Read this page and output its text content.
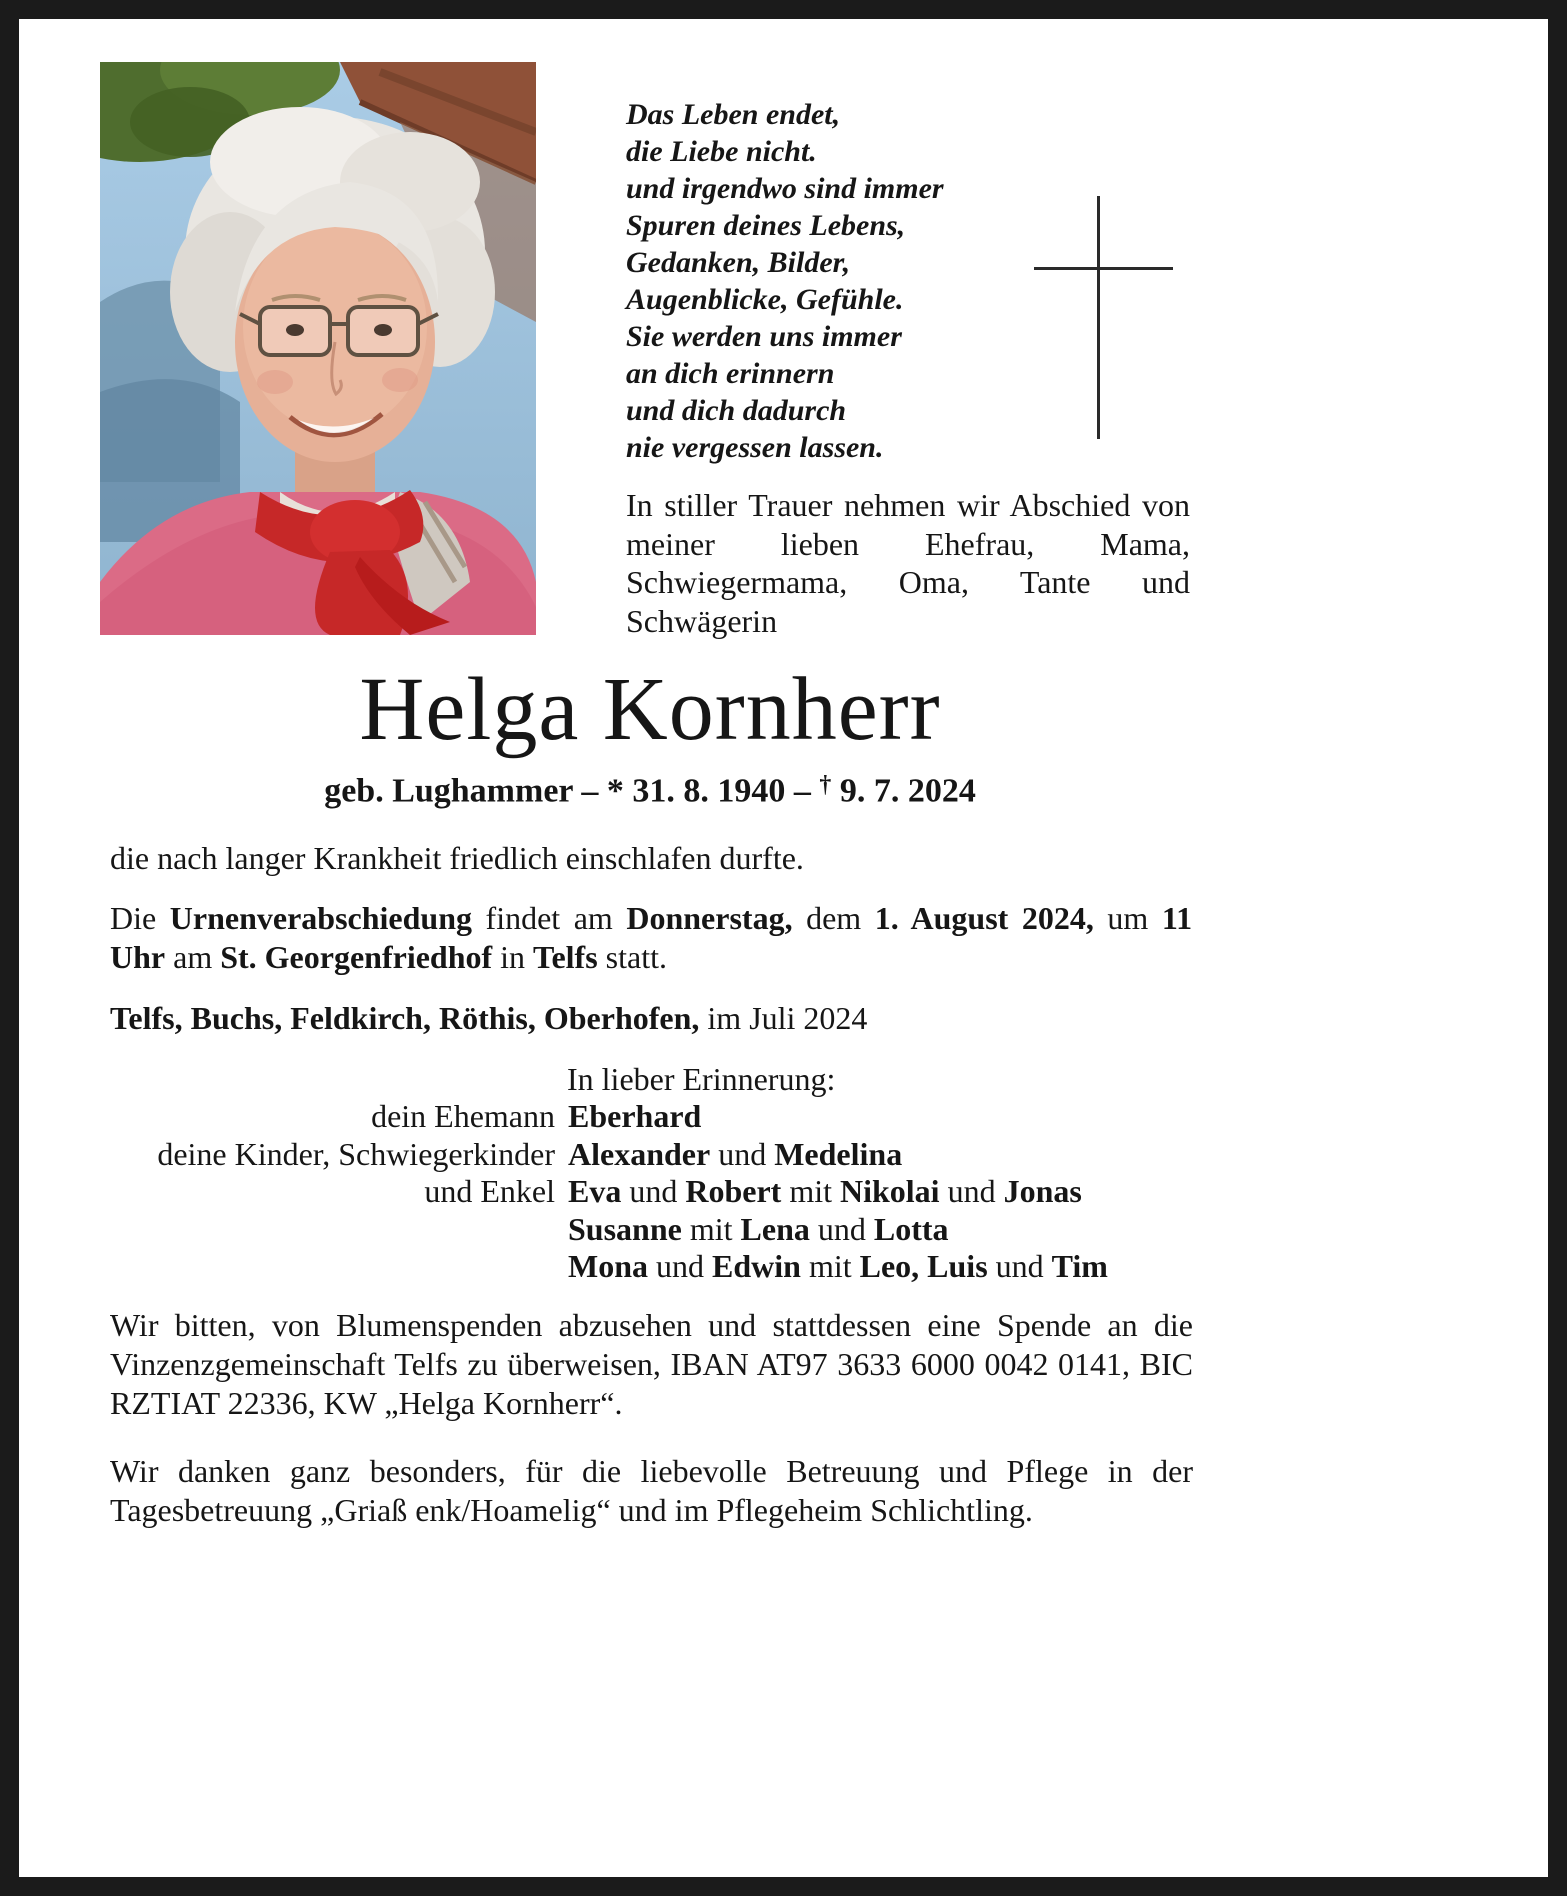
Das Leben endet,
die Liebe nicht.
und irgendwo sind immer
Spuren deines Lebens,
Gedanken, Bilder,
Augenblicke, Gefühle.
Sie werden uns immer
an dich erinnern
und dich dadurch
nie vergessen lassen.
In stiller Trauer nehmen wir Abschied von meiner lieben Ehefrau, Mama, Schwiegermama, Oma, Tante und Schwägerin
Helga Kornherr
geb. Lughammer – * 31. 8. 1940 – † 9. 7. 2024
die nach langer Krankheit friedlich einschlafen durfte.
Die Urnenverabschiedung findet am Donnerstag, dem 1. August 2024, um 11 Uhr am St. Georgenfriedhof in Telfs statt.
Telfs, Buchs, Feldkirch, Röthis, Oberhofen, im Juli 2024
In lieber Erinnerung:
dein Ehemann Eberhard
deine Kinder, Schwiegerkinder Alexander und Medelina
und Enkel Eva und Robert mit Nikolai und Jonas
Susanne mit Lena und Lotta
Mona und Edwin mit Leo, Luis und Tim
Wir bitten, von Blumenspenden abzusehen und stattdessen eine Spende an die Vinzenzgemeinschaft Telfs zu überweisen, IBAN AT97 3633 6000 0042 0141, BIC RZTIAT 22336, KW „Helga Kornherr“.
Wir danken ganz besonders, für die liebevolle Betreuung und Pflege in der Tagesbetreuung „Griaß enk/Hoamelig“ und im Pflegeheim Schlichtling.
